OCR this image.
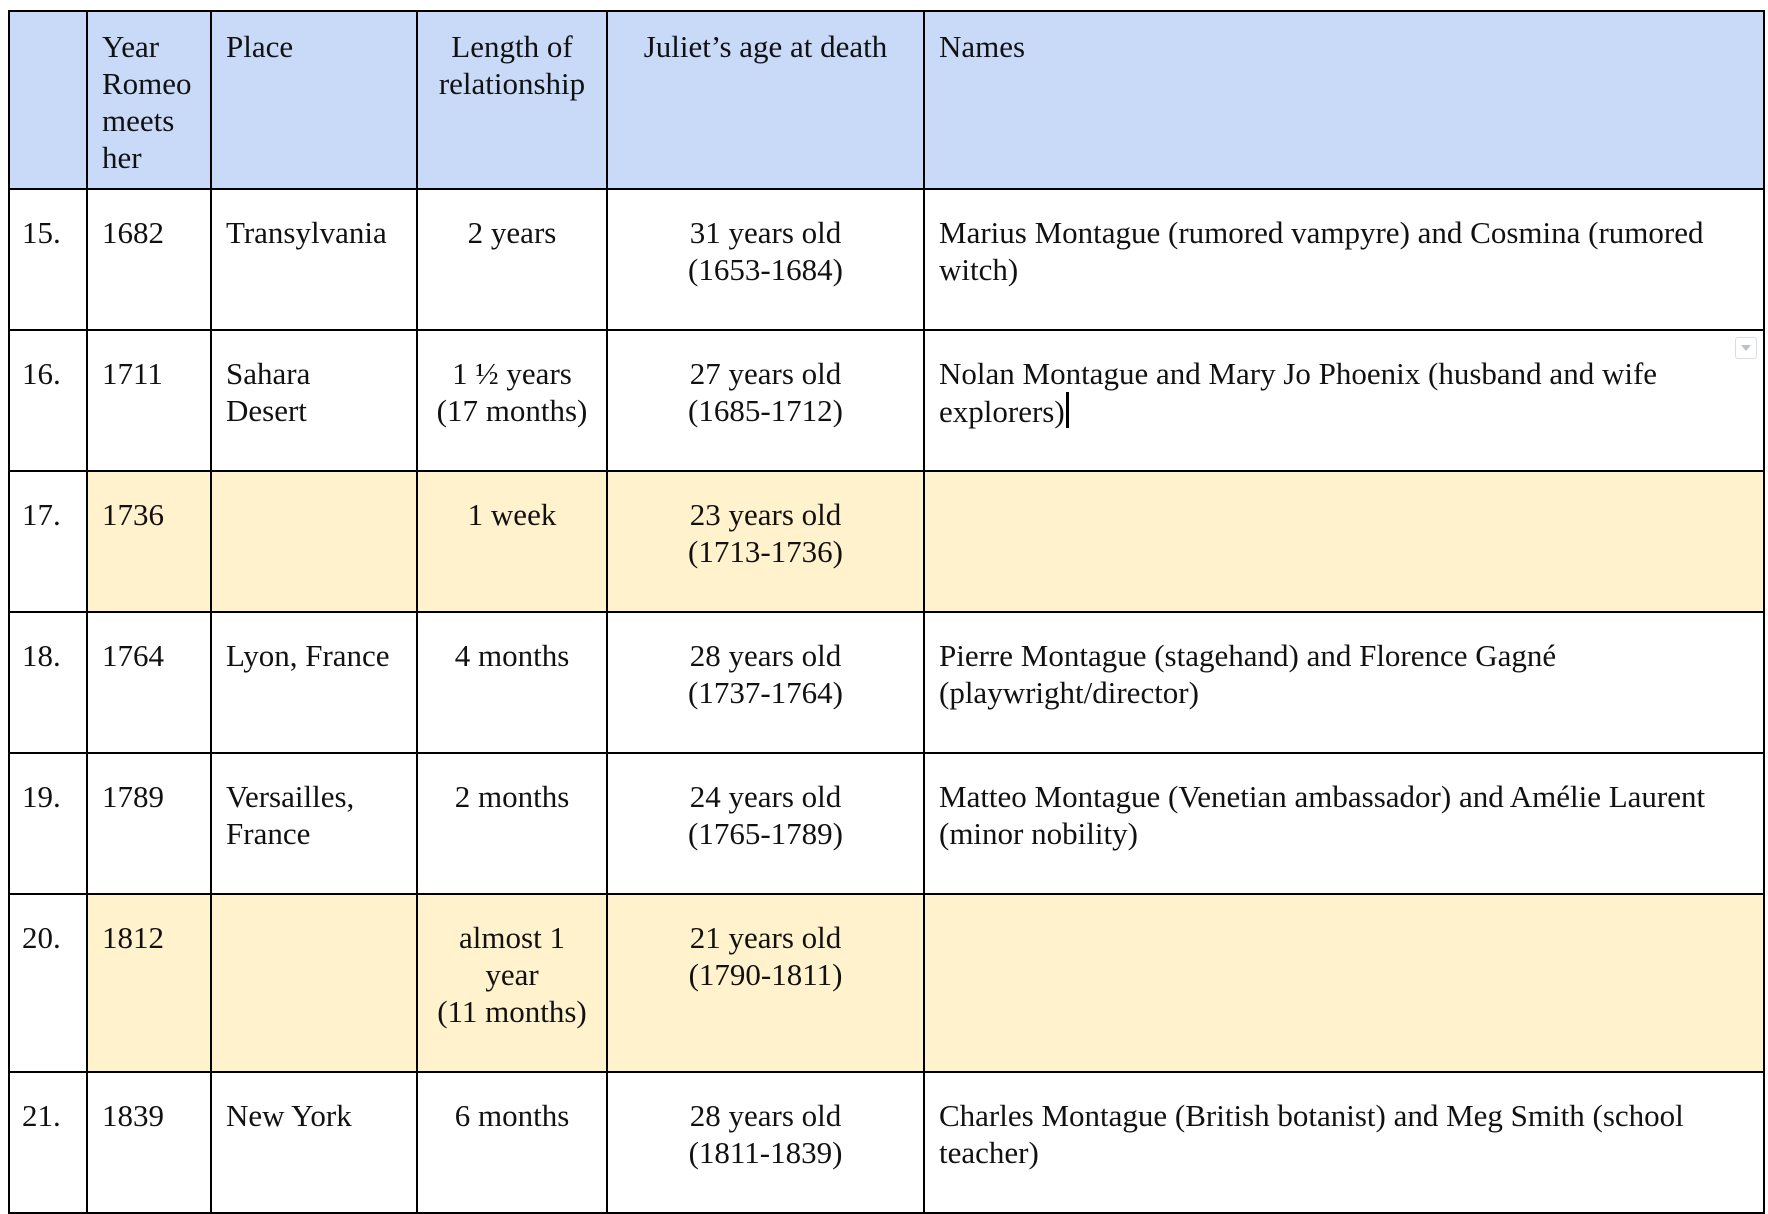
	Year
Romeo
meets
her	Place	Length of
relationship	Juliet’s age at death	Names
15.	1682	Transylvania	2 years	31 years old
(1653-1684)	Marius Montague (rumored vampyre) and Cosmina (rumored witch)
16.	1711	Sahara
Desert	1 ½ years
(17 months)	27 years old
(1685-1712)	Nolan Montague and Mary Jo Phoenix (husband and wife explorers)

17.	1736		1 week	23 years old
(1713-1736)	
18.	1764	Lyon, France	4 months	28 years old
(1737-1764)	Pierre Montague (stagehand) and Florence Gagné (playwright/director)
19.	1789	Versailles,
France	2 months	24 years old
(1765-1789)	Matteo Montague (Venetian ambassador) and Amélie Laurent (minor nobility)
20.	1812		almost 1
year
(11 months)	21 years old
(1790-1811)	
21.	1839	New York	6 months	28 years old
(1811-1839)	Charles Montague (British botanist) and Meg Smith (school teacher)
